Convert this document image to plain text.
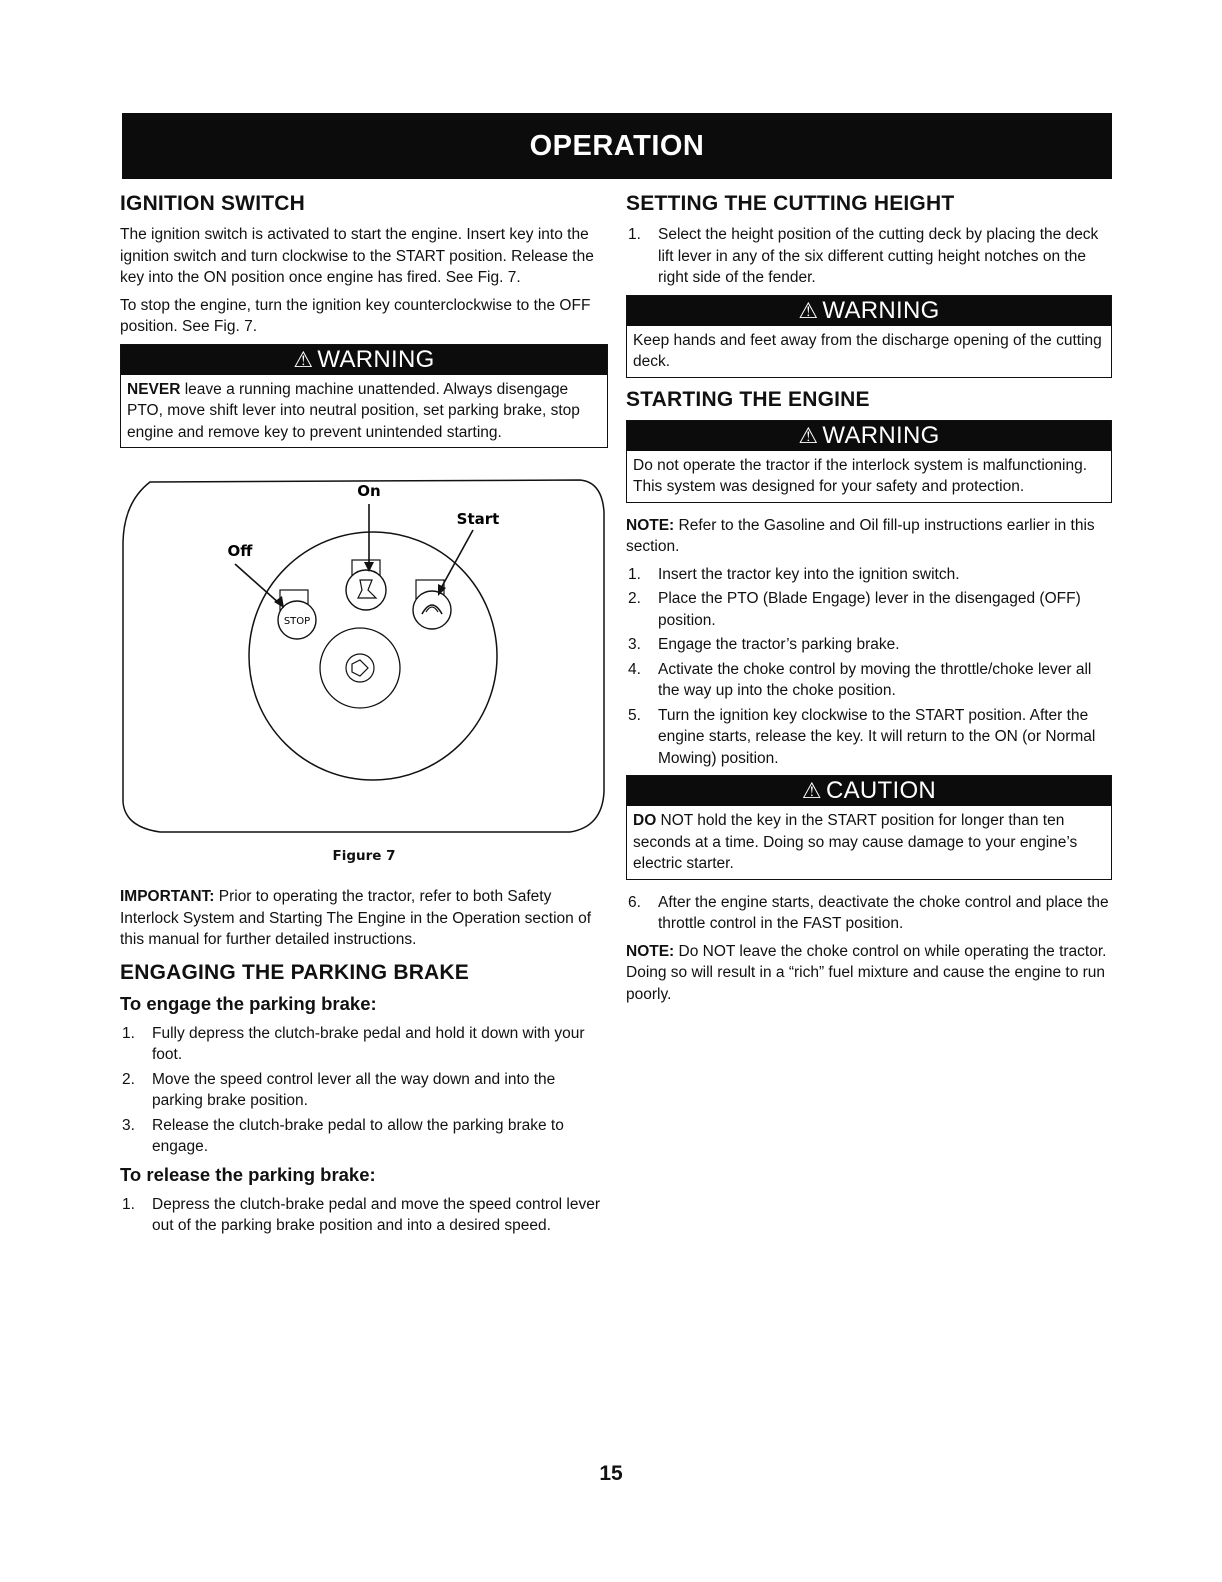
OPERATION
IGNITION SWITCH

The ignition switch is activated to start the engine. Insert key into the ignition switch and turn clockwise to the START position. Release the key into the ON position once engine has fired. See Fig. 7.

To stop the engine, turn the ignition key counterclockwise to the OFF position. See Fig. 7.

⚠ WARNING
NEVER leave a running machine unattended. Always disengage PTO, move shift lever into neutral position, set parking brake, stop engine and remove key to prevent unintended starting.
STOP
On
Start
Off
Figure 7

IMPORTANT: Prior to operating the tractor, refer to both Safety Interlock System and Starting The Engine in the Operation section of this manual for further detailed instructions.

ENGAGING THE PARKING BRAKE
To engage the parking brake:
1. Fully depress the clutch-brake pedal and hold it down with your foot.
2. Move the speed control lever all the way down and into the parking brake position.
3. Release the clutch-brake pedal to allow the parking brake to engage.
To release the parking brake:
1. Depress the clutch-brake pedal and move the speed control lever out of the parking brake position and into a desired speed.
SETTING THE CUTTING HEIGHT
1. Select the height position of the cutting deck by placing the deck lift lever in any of the six different cutting height notches on the right side of the fender.
⚠ WARNING
Keep hands and feet away from the discharge opening of the cutting deck.
STARTING THE ENGINE
⚠ WARNING
Do not operate the tractor if the interlock system is malfunctioning. This system was designed for your safety and protection.

NOTE: Refer to the Gasoline and Oil fill-up instructions earlier in this section.

1. Insert the tractor key into the ignition switch.
2. Place the PTO (Blade Engage) lever in the disengaged (OFF) position.
3. Engage the tractor’s parking brake.
4. Activate the choke control by moving the throttle/choke lever all the way up into the choke position.
5. Turn the ignition key clockwise to the START position. After the engine starts, release the key. It will return to the ON (or Normal Mowing) position.
⚠ CAUTION
DO NOT hold the key in the START position for longer than ten seconds at a time. Doing so may cause damage to your engine’s electric starter.
6. After the engine starts, deactivate the choke control and place the throttle control in the FAST position.

NOTE: Do NOT leave the choke control on while operating the tractor. Doing so will result in a “rich” fuel mixture and cause the engine to run poorly.

15
